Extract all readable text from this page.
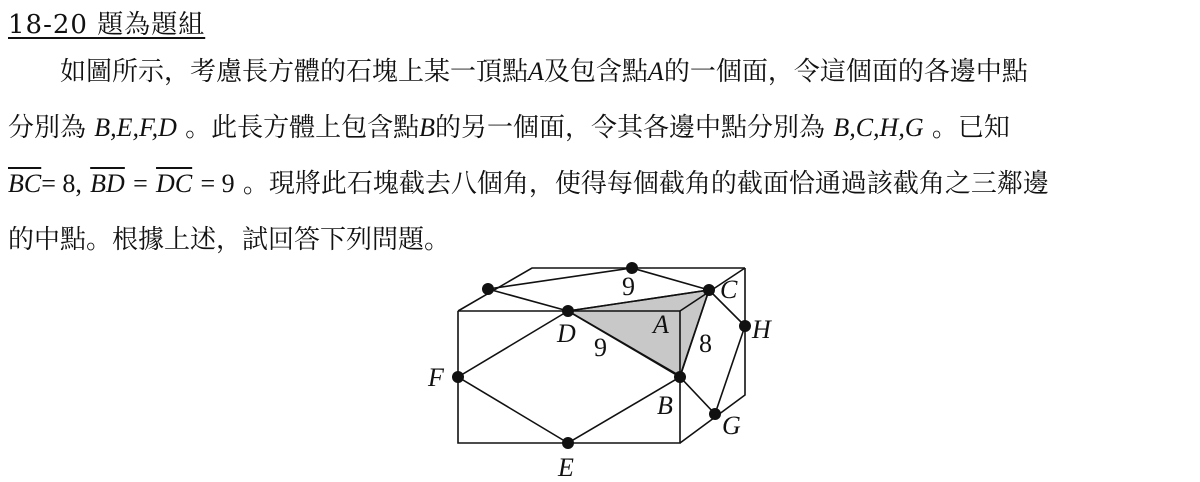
18-20 題為題組
如圖所示，考慮長方體的石塊上某一頂點A及包含點A的一個面，令這個面的各邊中點
分別為 B,E,F,D 。此長方體上包含點B的另一個面，令其各邊中點分別為 B,C,H,G 。已知
$\overline{BC}= 8$, $\overline{BD} = \overline{DC} = 9$ 。現將此石塊截去八個角，使得每個截角的截面恰通過該截角之三鄰邊
的中點。根據上述，試回答下列問題。
A
B
C
D
E
F
G
H
9
9	8
